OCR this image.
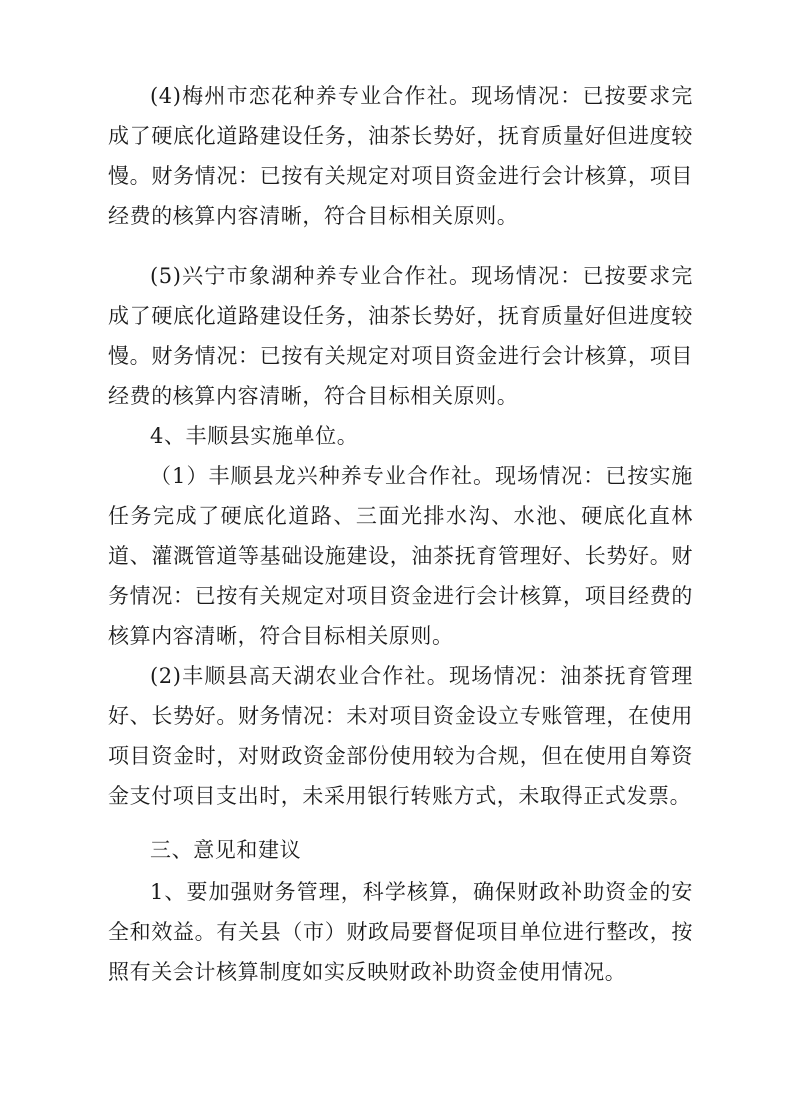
(4)梅州市恋花种养专业合作社。现场情况：已按要求完成了硬底化道路建设任务，油茶长势好，抚育质量好但进度较慢。财务情况：已按有关规定对项目资金进行会计核算，项目经费的核算内容清晰，符合目标相关原则。

(5)兴宁市象湖种养专业合作社。现场情况：已按要求完成了硬底化道路建设任务，油茶长势好，抚育质量好但进度较慢。财务情况：已按有关规定对项目资金进行会计核算，项目经费的核算内容清晰，符合目标相关原则。

4、丰顺县实施单位。

（1）丰顺县龙兴种养专业合作社。现场情况：已按实施任务完成了硬底化道路、三面光排水沟、水池、硬底化直林道、灌溉管道等基础设施建设，油茶抚育管理好、长势好。财务情况：已按有关规定对项目资金进行会计核算，项目经费的核算内容清晰，符合目标相关原则。

(2)丰顺县高天湖农业合作社。现场情况：油茶抚育管理好、长势好。财务情况：未对项目资金设立专账管理，在使用项目资金时，对财政资金部份使用较为合规，但在使用自筹资金支付项目支出时，未采用银行转账方式，未取得正式发票。

三、意见和建议

1、要加强财务管理，科学核算，确保财政补助资金的安全和效益。有关县（市）财政局要督促项目单位进行整改，按照有关会计核算制度如实反映财政补助资金使用情况。
